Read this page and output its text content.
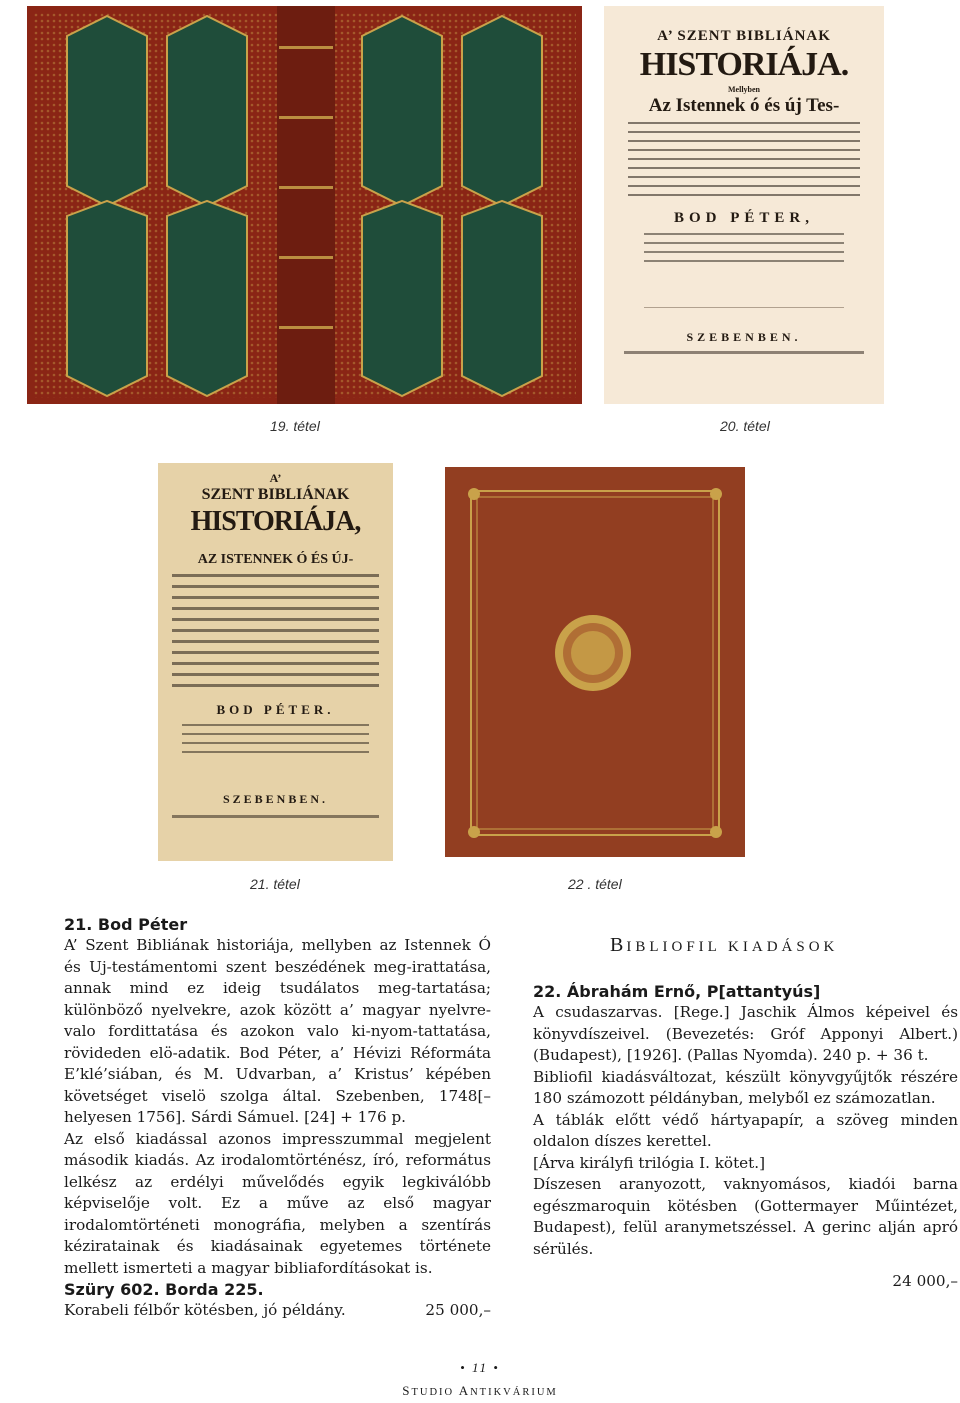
A’ SZENT BIBLIÁNAK
HISTORIÁJA.
Mellyben
Az Istennek ó és új Tes-
BOD PÉTER,
SZEBENBEN.
19. tétel	20. tétel
A’
SZENT BIBLIÁNAK
HISTORIÁJA,
AZ ISTENNEK Ó ÉS ÚJ-
BOD PÉTER.
SZEBENBEN.
21. tétel	22 . tétel
21. Bod Péter

A’ Szent Bibliának historiája, mellyben az Istennek Ó és Uj-testámentomi szent beszédének meg-irattatása, annak mind ez ideig tsudálatos meg-tartatása; különböző nyelvekre, azok között a’ magyar nyelvre-valo fordittatása és azokon valo ki-nyom-tattatása, rövideden elö-adatik. Bod Péter, a’ Hévizi Réformáta E’klé’siában, és M. Udvarban, a’ Kristus’ képében követséget viselö szolga által. Szebenben, 1748[– helyesen 1756]. Sárdi Sámuel. [24] + 176 p.

Az első kiadással azonos impresszummal megjelent második kiadás. Az irodalomtörténész, író, református lelkész az erdélyi művelődés egyik legkiválóbb képviselője volt. Ez a műve az első magyar irodalomtörténeti monográfia, melyben a szentírás kéziratainak és kiadásainak egyetemes története mellett ismerteti a magyar bibliafordításokat is.

Szüry 602. Borda 225.
Korabeli félbőr kötésben, jó példány.	25 000,–
BIBLIOFIL KIADÁSOK
22. Ábrahám Ernő, P[attantyús]

A csudaszarvas. [Rege.] Jaschik Álmos képeivel és könyvdíszeivel. (Bevezetés: Gróf Apponyi Albert.) (Budapest), [1926]. (Pallas Nyomda). 240 p. + 36 t.

Bibliofil kiadásváltozat, készült könyvgyűjtők részére 180 számozott példányban, melyből ez számozatlan.

A táblák előtt védő hártyapapír, a szöveg minden oldalon díszes kerettel.

[Árva királyfi trilógia I. kötet.]

Díszesen aranyozott, vaknyomásos, kiadói barna egészmaroquin kötésben (Gottermayer Műintézet, Budapest), felül aranymetszéssel. A gerinc alján apró sérülés.

24 000,–
• 11 •
STUDIO ANTIKVÁRIUM
